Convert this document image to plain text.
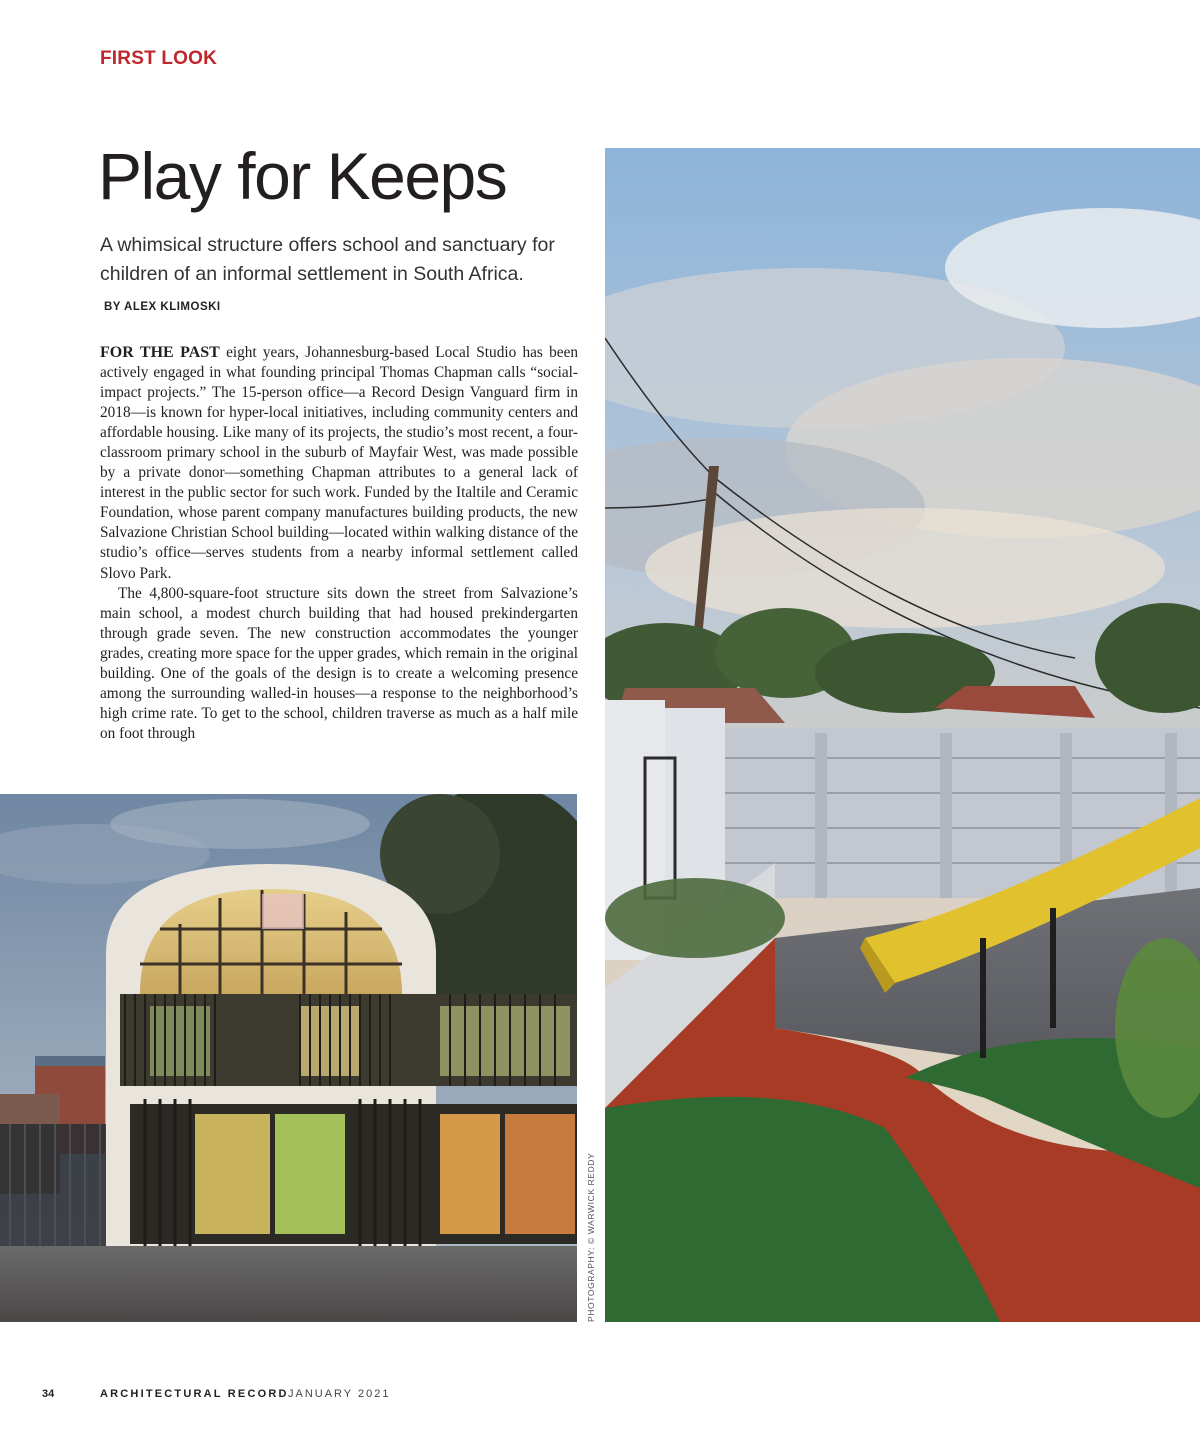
FIRST LOOK
Play for Keeps

A whimsical structure offers school and sanctuary for children of an informal settlement in South Africa.

BY ALEX KLIMOSKI

FOR THE PAST eight years, Johannesburg-based Local Studio has been actively engaged in what founding principal Thomas Chapman calls “social-impact projects.” The 15-person office—a Record Design Vanguard firm in 2018—is known for hyper-local initiatives, including community centers and affordable housing. Like many of its projects, the studio’s most recent, a four-classroom primary school in the suburb of Mayfair West, was made possible by a private donor—something Chapman attributes to a general lack of interest in the public sector for such work. Funded by the Italtile and Ceramic Foundation, whose parent company manufactures building products, the new Salvazione Christian School building—located within walking distance of the studio’s office—serves students from a nearby informal settlement called Slovo Park.

The 4,800-square-foot structure sits down the street from Salvazione’s main school, a modest church building that had housed prekindergarten through grade seven. The new construction accommodates the younger grades, creating more space for the upper grades, which remain in the original building. One of the goals of the design is to create a welcoming presence among the surrounding walled-in houses—a response to the neighborhood’s high crime rate. To get to the school, children traverse as much as a half mile on foot through

PHOTOGRAPHY: © WARWICK REDDY
34	ARCHITECTURAL RECORD JANUARY 2021
